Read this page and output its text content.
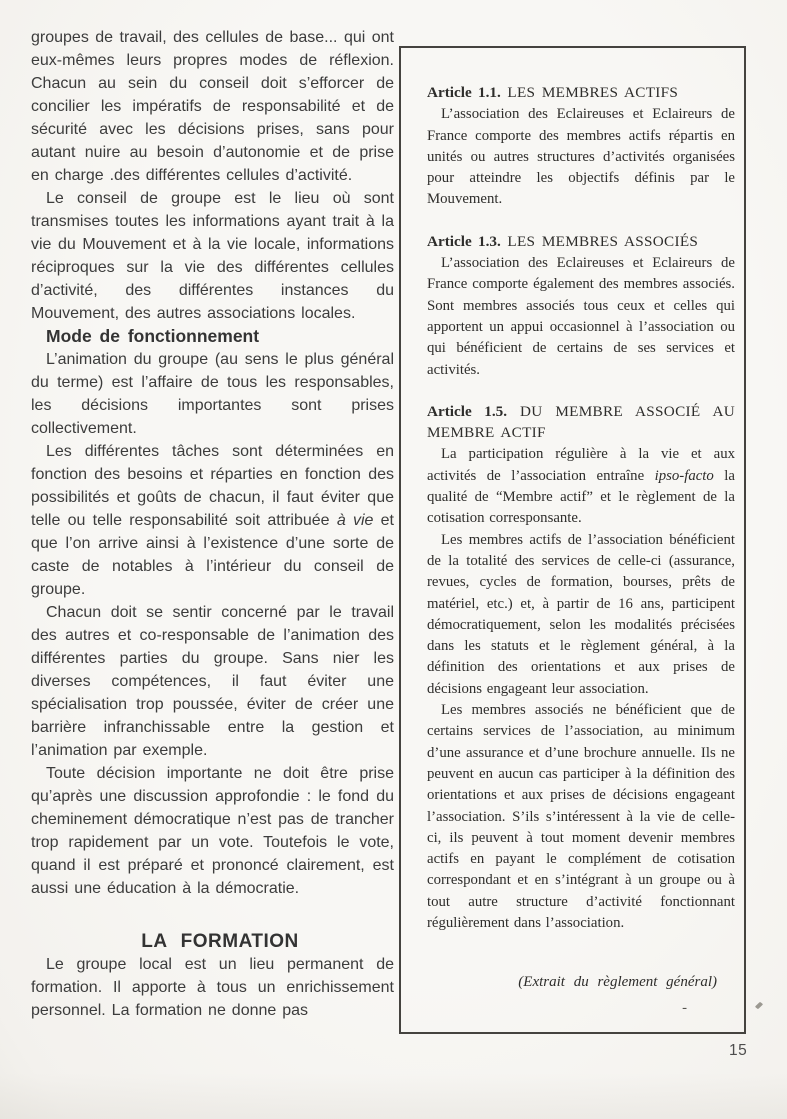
groupes de travail, des cellules de base... qui ont eux-mêmes leurs propres modes de réflexion. Chacun au sein du conseil doit s’efforcer de concilier les impératifs de responsabilité et de sécurité avec les décisions prises, sans pour autant nuire au besoin d’autonomie et de prise en charge .des différentes cellules d’activité.

Le conseil de groupe est le lieu où sont transmises toutes les informations ayant trait à la vie du Mouvement et à la vie locale, informations réciproques sur la vie des différentes cellules d’activité, des différentes instances du Mouvement, des autres associations locales.

Mode de fonctionnement

L’animation du groupe (au sens le plus général du terme) est l’affaire de tous les responsables, les décisions importantes sont prises collectivement.

Les différentes tâches sont déterminées en fonction des besoins et réparties en fonction des possibilités et goûts de chacun, il faut éviter que telle ou telle responsabilité soit attribuée à vie et que l’on arrive ainsi à l’existence d’une sorte de caste de notables à l’intérieur du conseil de groupe.

Chacun doit se sentir concerné par le travail des autres et co-responsable de l’animation des différentes parties du groupe. Sans nier les diverses compétences, il faut éviter une spécialisation trop poussée, éviter de créer une barrière infranchissable entre la gestion et l’animation par exemple.

Toute décision importante ne doit être prise qu’après une discussion approfondie : le fond du cheminement démocratique n’est pas de trancher trop rapidement par un vote. Toutefois le vote, quand il est préparé et prononcé clairement, est aussi une éducation à la démocratie.

LA FORMATION

Le groupe local est un lieu permanent de formation. Il apporte à tous un enrichissement personnel. La formation ne donne pas

Article 1.1. LES MEMBRES ACTIFS

L’association des Eclaireuses et Eclaireurs de France comporte des membres actifs répartis en unités ou autres structures d’activités organisées pour atteindre les objectifs définis par le Mouvement.

Article 1.3. LES MEMBRES ASSOCIÉS

L’association des Eclaireuses et Eclaireurs de France comporte également des membres associés. Sont membres associés tous ceux et celles qui apportent un appui occasionnel à l’association ou qui bénéficient de certains de ses services et activités.

Article 1.5. DU MEMBRE ASSOCIÉ AU MEMBRE ACTIF

La participation régulière à la vie et aux activités de l’association entraîne ipso-facto la qualité de “Membre actif” et le règlement de la cotisation corresponsante.

Les membres actifs de l’association bénéficient de la totalité des services de celle-ci (assurance, revues, cycles de formation, bourses, prêts de matériel, etc.) et, à partir de 16 ans, participent démocratiquement, selon les modalités précisées dans les statuts et le règlement général, à la définition des orientations et aux prises de décisions engageant leur association.

Les membres associés ne bénéficient que de certains services de l’association, au minimum d’une assurance et d’une brochure annuelle. Ils ne peuvent en aucun cas participer à la définition des orientations et aux prises de décisions engageant l’association. S’ils s’intéressent à la vie de celle-ci, ils peuvent à tout moment devenir membres actifs en payant le complément de cotisation correspondant et en s’intégrant à un groupe ou à tout autre structure d’activité fonctionnant régulièrement dans l’association.

(Extrait du règlement général)

-

15
